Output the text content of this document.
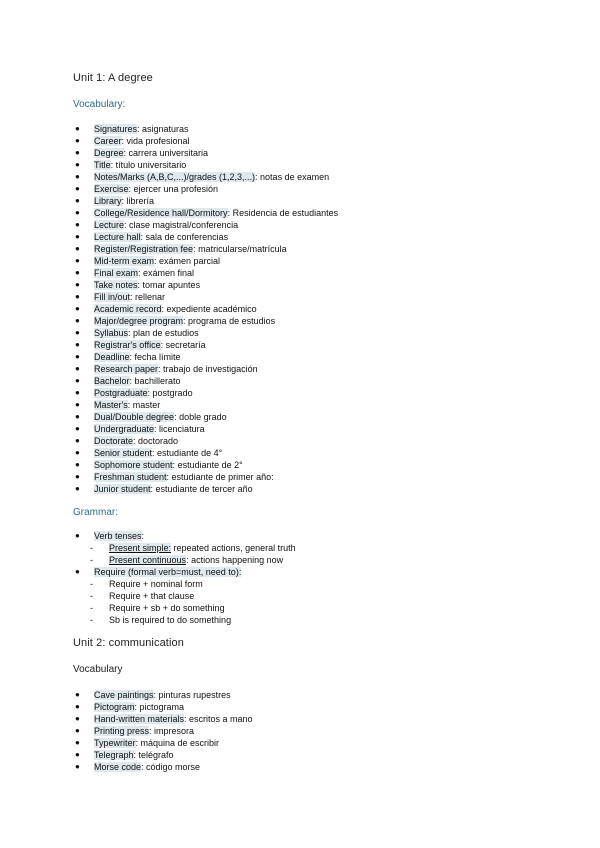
Unit 1: A degree
Vocabulary:
● Signatures: asignaturas
● Career: vida profesional
● Degree: carrera universitaria
● Title: título universitario
● Notes/Marks (A,B,C,...)/grades (1,2,3,...): notas de examen
● Exercise: ejercer una profesión
● Library: librería
● College/Residence hall/Dormitory: Residencia de estudiantes
● Lecture: clase magistral/conferencia
● Lecture hall: sala de conferencias
● Register/Registration fee: matricularse/matrícula
● Mid-term exam: exámen parcial
● Final exam: exámen final
● Take notes: tomar apuntes
● Fill in/out: rellenar
● Academic record: expediente académico
● Major/degree program: programa de estudios
● Syllabus: plan de estudios
● Registrar's office: secretaría
● Deadline: fecha límite
● Research paper: trabajo de investigación
● Bachelor: bachillerato
● Postgraduate: postgrado
● Master's: master
● Dual/Double degree: doble grado
● Undergraduate: licenciatura
● Doctorate: doctorado
● Senior student: estudiante de 4°
● Sophomore student: estudiante de 2°
● Freshman student: estudiante de primer año:
● Junior student: estudiante de tercer año
Grammar:
● Verb tenses:
- Present simple: repeated actions, general truth
- Present continuous: actions happening now
● Require (formal verb=must, need to):
- Require + nominal form
- Require + that clause
- Require + sb + do something
- Sb is required to do something
Unit 2: communication
Vocabulary
● Cave paintings: pinturas rupestres
● Pictogram: pictograma
● Hand-written materials: escritos a mano
● Printing press: impresora
● Typewriter: máquina de escribir
● Telegraph: telégrafo
● Morse code: código morse
